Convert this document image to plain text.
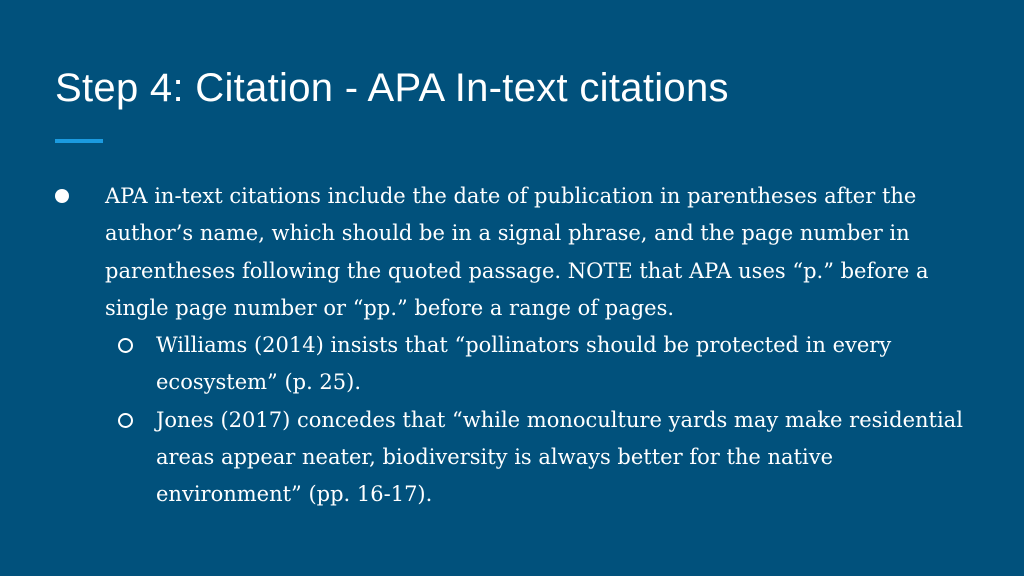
Step 4: Citation - APA In-text citations
APA in-text citations include the date of publication in parentheses after the author’s name, which should be in a signal phrase, and the page number in parentheses following the quoted passage. NOTE that APA uses “p.” before a single page number or “pp.” before a range of pages.
Williams (2014) insists that “pollinators should be protected in every ecosystem” (p. 25).
Jones (2017) concedes that “while monoculture yards may make residential areas appear neater, biodiversity is always better for the native environment” (pp. 16-17).
